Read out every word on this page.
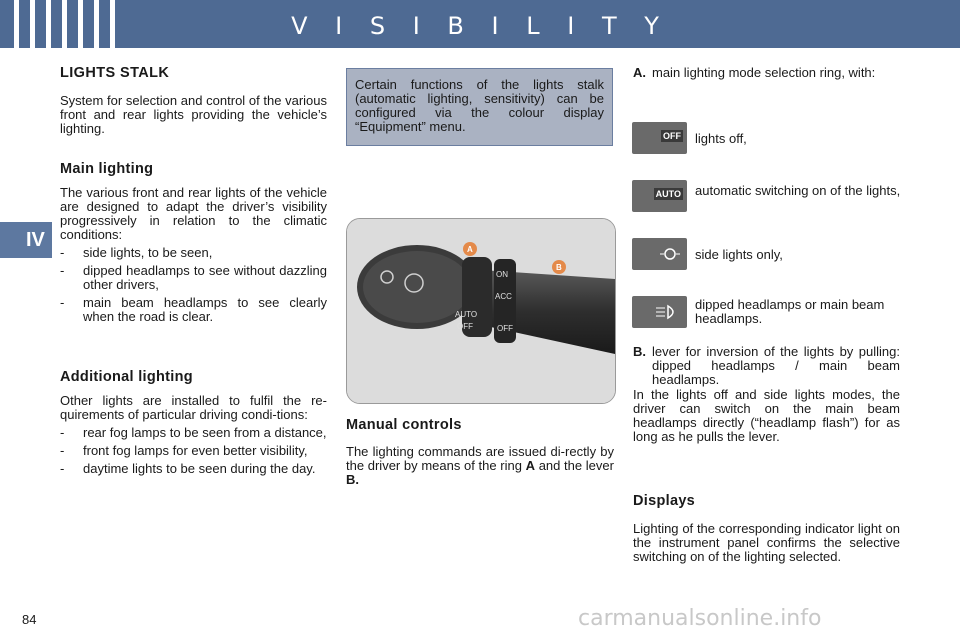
V I S I B I L I T Y
IV
LIGHTS STALK

System for selection and control of the various front and rear lights providing the vehicle’s lighting.

Main lighting

The various front and rear lights of the vehicle are designed to adapt the driver’s visibility progressively in relation to the climatic conditions:

-	side lights, to be seen,
-	dipped headlamps to see without dazzling other drivers,
-	main beam headlamps to see clearly when the road is clear.
Additional lighting

Other lights are installed to fulfil the re-quirements of particular driving condi-tions:

-	rear fog lamps to be seen from a distance,
-	front fog lamps for even better visibility,
-	daytime lights to be seen during the day.

Certain functions of the lights stalk (automatic lighting, sensitivity) can be configured via the colour display “Equipment” menu.

AUTO
OFF
ON
ACC
OFF
A
B
Manual controls

The lighting commands are issued di-rectly by the driver by means of the ring A and the lever B.

A. main lighting mode selection ring, with:
OFF lights off,
AUTO automatic switching on of the lights,
side lights only,
dipped headlamps or main beam headlamps.
B. lever for inversion of the lights by pulling: dipped headlamps / main beam headlamps.

In the lights off and side lights modes, the driver can switch on the main beam headlamps directly (“headlamp flash”) for as long as he pulls the lever.

Displays

Lighting of the corresponding indicator light on the instrument panel confirms the selective switching on of the lighting selected.

84	carmanualsonline.info
